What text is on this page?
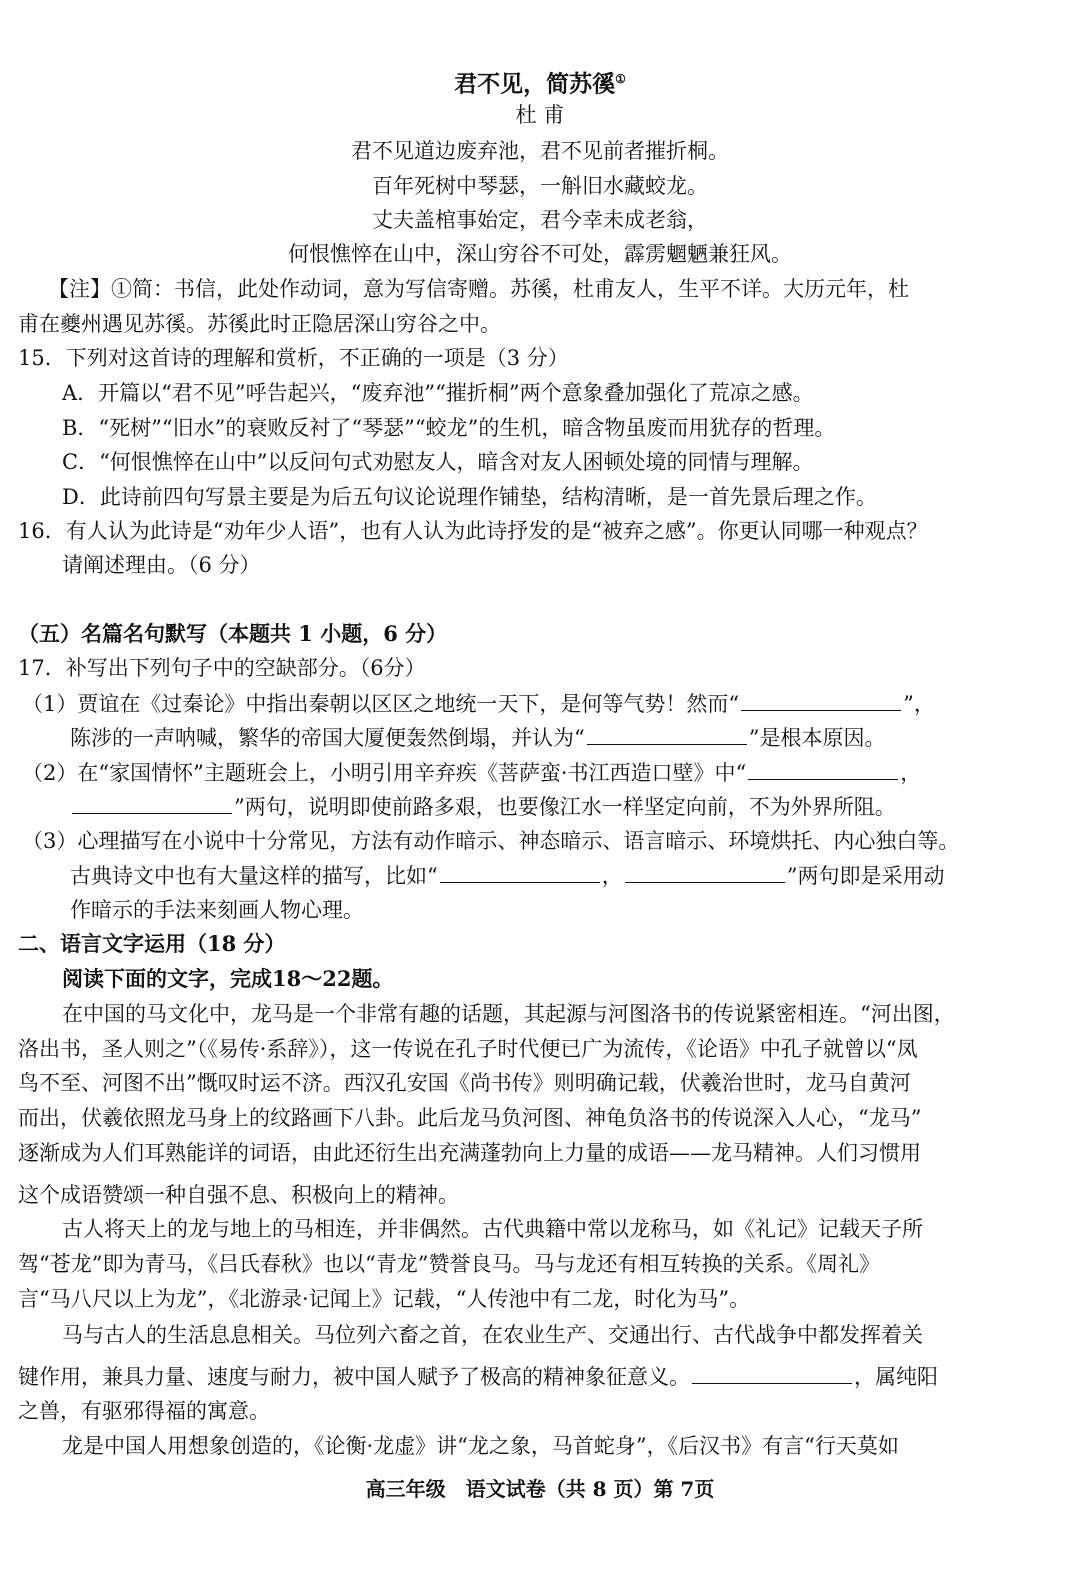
君不见，简苏徯①
杜 甫
君不见道边废弃池，君不见前者摧折桐。
百年死树中琴瑟，一斛旧水藏蛟龙。
丈夫盖棺事始定，君今幸未成老翁，
何恨憔悴在山中，深山穷谷不可处，霹雳魍魉兼狂风。
【注】①简：书信，此处作动词，意为写信寄赠。苏徯，杜甫友人，生平不详。大历元年，杜
甫在夔州遇见苏徯。苏徯此时正隐居深山穷谷之中。
15．下列对这首诗的理解和赏析，不正确的一项是（3 分）
A．开篇以“君不见”呼告起兴，“废弃池”“摧折桐”两个意象叠加强化了荒凉之感。
B．“死树”“旧水”的衰败反衬了“琴瑟”“蛟龙”的生机，暗含物虽废而用犹存的哲理。
C．“何恨憔悴在山中”以反问句式劝慰友人，暗含对友人困顿处境的同情与理解。
D．此诗前四句写景主要是为后五句议论说理作铺垫，结构清晰，是一首先景后理之作。
16．有人认为此诗是“劝年少人语”，也有人认为此诗抒发的是“被弃之感”。你更认同哪一种观点？
请阐述理由。（6 分）
（五）名篇名句默写（本题共 1 小题，6 分）
17．补写出下列句子中的空缺部分。（6分）
（1）贾谊在《过秦论》中指出秦朝以区区之地统一天下，是何等气势！然而“	”，
陈涉的一声呐喊，繁华的帝国大厦便轰然倒塌，并认为“	”是根本原因。
（2）在“家国情怀”主题班会上，小明引用辛弃疾《菩萨蛮·书江西造口壁》中“	，
”两句，说明即使前路多艰，也要像江水一样坚定向前，不为外界所阻。
（3）心理描写在小说中十分常见，方法有动作暗示、神态暗示、语言暗示、环境烘托、内心独白等。
古典诗文中也有大量这样的描写，比如“	，	”两句即是采用动
作暗示的手法来刻画人物心理。
二、语言文字运用（18 分）
阅读下面的文字，完成18～22题。
在中国的马文化中，龙马是一个非常有趣的话题，其起源与河图洛书的传说紧密相连。“河出图，
洛出书，圣人则之”（《易传·系辞》），这一传说在孔子时代便已广为流传，《论语》中孔子就曾以“凤
鸟不至、河图不出”慨叹时运不济。西汉孔安国《尚书传》则明确记载，伏羲治世时，龙马自黄河
而出，伏羲依照龙马身上的纹路画下八卦。此后龙马负河图、神龟负洛书的传说深入人心，“龙马”
逐渐成为人们耳熟能详的词语，由此还衍生出充满蓬勃向上力量的成语——龙马精神。人们习惯用
这个成语赞颂一种自强不息、积极向上的精神。
古人将天上的龙与地上的马相连，并非偶然。古代典籍中常以龙称马，如《礼记》记载天子所
驾“苍龙”即为青马，《吕氏春秋》也以“青龙”赞誉良马。马与龙还有相互转换的关系。《周礼》
言“马八尺以上为龙”，《北游录·记闻上》记载，“人传池中有二龙，时化为马”。
马与古人的生活息息相关。马位列六畜之首，在农业生产、交通出行、古代战争中都发挥着关
键作用，兼具力量、速度与耐力，被中国人赋予了极高的精神象征意义。	，属纯阳
之兽，有驱邪得福的寓意。
龙是中国人用想象创造的，《论衡·龙虚》讲“龙之象，马首蛇身”，《后汉书》有言“行天莫如
高三年级　语文试卷（共 8 页）第 7页
